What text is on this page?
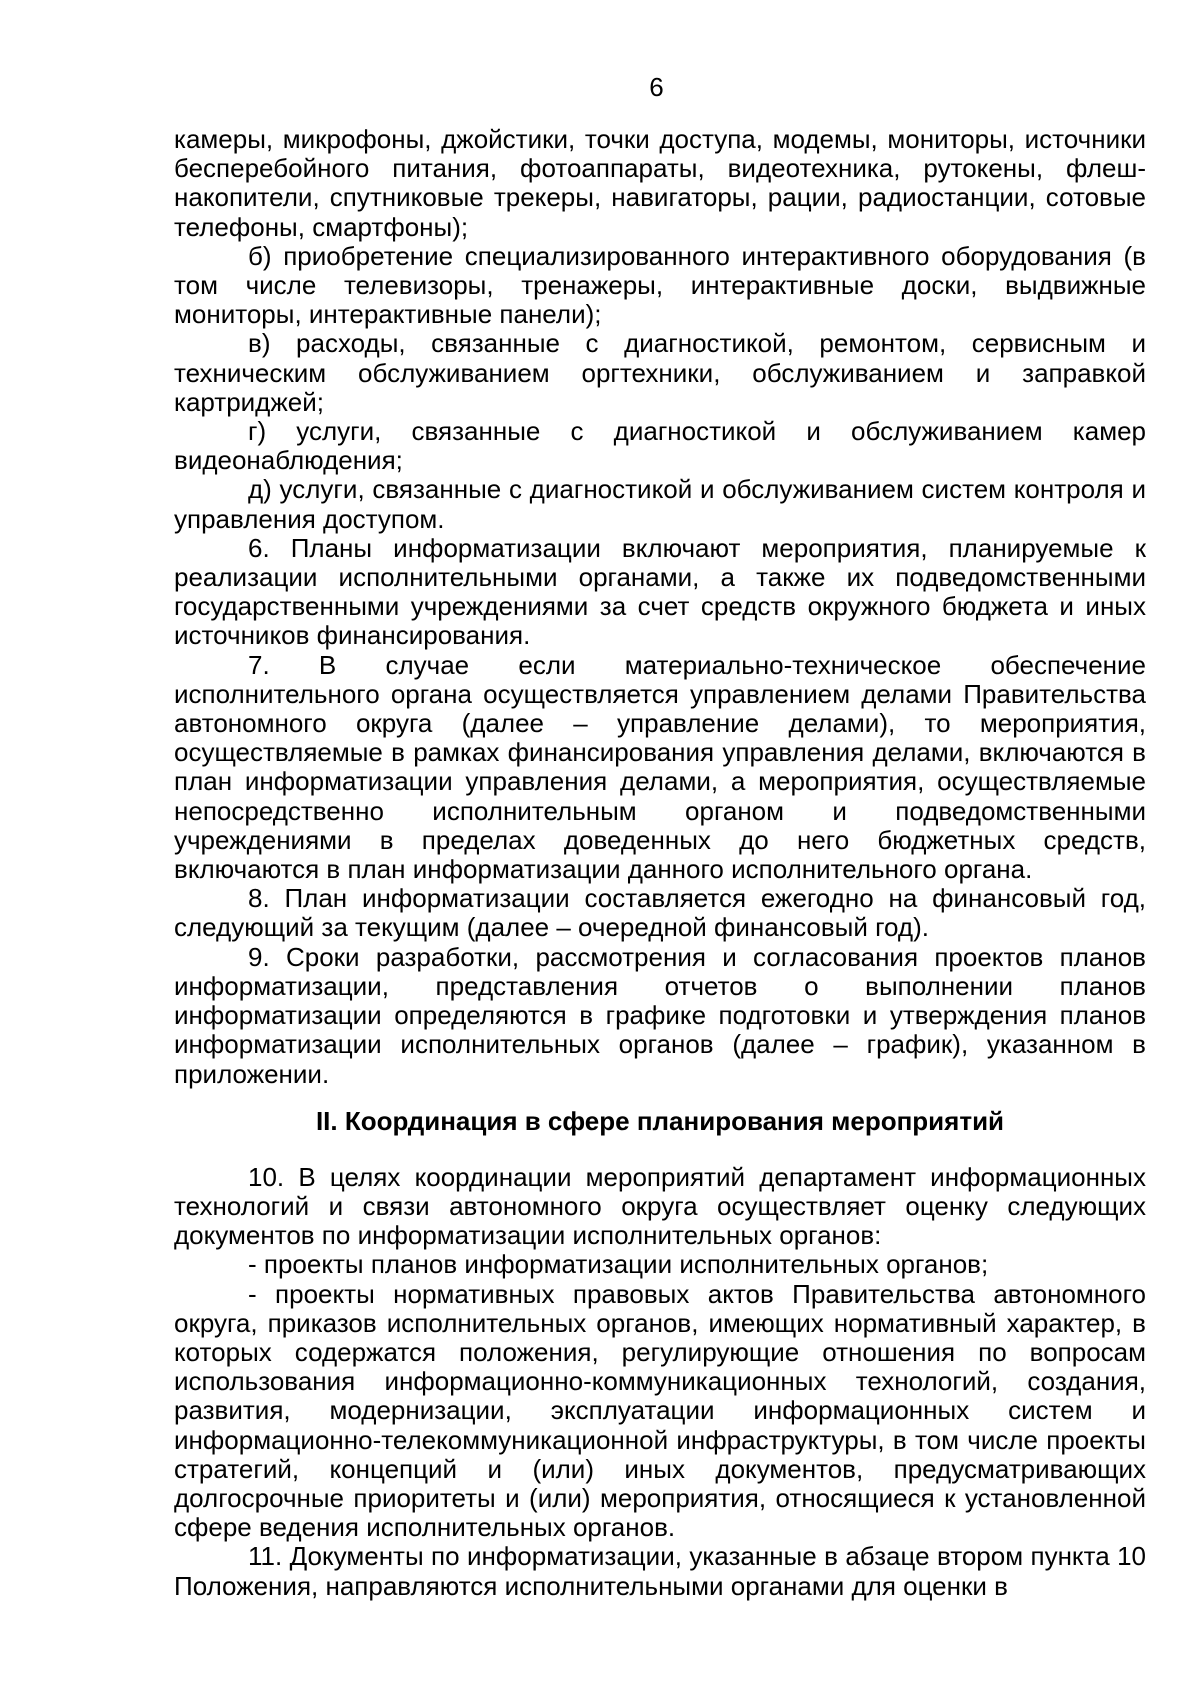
6

камеры, микрофоны, джойстики, точки доступа, модемы, мониторы, источники бесперебойного питания, фотоаппараты, видеотехника, рутокены, флеш-накопители, спутниковые трекеры, навигаторы, рации, радиостанции, сотовые телефоны, смартфоны);

б) приобретение специализированного интерактивного оборудования (в том числе телевизоры, тренажеры, интерактивные доски, выдвижные мониторы, интерактивные панели);

в) расходы, связанные с диагностикой, ремонтом, сервисным и техническим обслуживанием оргтехники, обслуживанием и заправкой картриджей;

г) услуги, связанные с диагностикой и обслуживанием камер видеонаблюдения;

д) услуги, связанные с диагностикой и обслуживанием систем контроля и управления доступом.

6. Планы информатизации включают мероприятия, планируемые к реализации исполнительными органами, а также их подведомственными государственными учреждениями за счет средств окружного бюджета и иных источников финансирования.

7. В случае если материально-техническое обеспечение исполнительного органа осуществляется управлением делами Правительства автономного округа (далее – управление делами), то мероприятия, осуществляемые в рамках финансирования управления делами, включаются в план информатизации управления делами, а мероприятия, осуществляемые непосредственно исполнительным органом и подведомственными учреждениями в пределах доведенных до него бюджетных средств, включаются в план информатизации данного исполнительного органа.

8. План информатизации составляется ежегодно на финансовый год, следующий за текущим (далее – очередной финансовый год).

9. Сроки разработки, рассмотрения и согласования проектов планов информатизации, представления отчетов о выполнении планов информатизации определяются в графике подготовки и утверждения планов информатизации исполнительных органов (далее – график), указанном в приложении.

II. Координация в сфере планирования мероприятий

10. В целях координации мероприятий департамент информационных технологий и связи автономного округа осуществляет оценку следующих документов по информатизации исполнительных органов:

- проекты планов информатизации исполнительных органов;

- проекты нормативных правовых актов Правительства автономного округа, приказов исполнительных органов, имеющих нормативный характер, в которых содержатся положения, регулирующие отношения по вопросам использования информационно-коммуникационных технологий, создания, развития, модернизации, эксплуатации информационных систем и информационно-телекоммуникационной инфраструктуры, в том числе проекты стратегий, концепций и (или) иных документов, предусматривающих долгосрочные приоритеты и (или) мероприятия, относящиеся к установленной сфере ведения исполнительных органов.

11. Документы по информатизации, указанные в абзаце втором пункта 10 Положения, направляются исполнительными органами для оценки в
